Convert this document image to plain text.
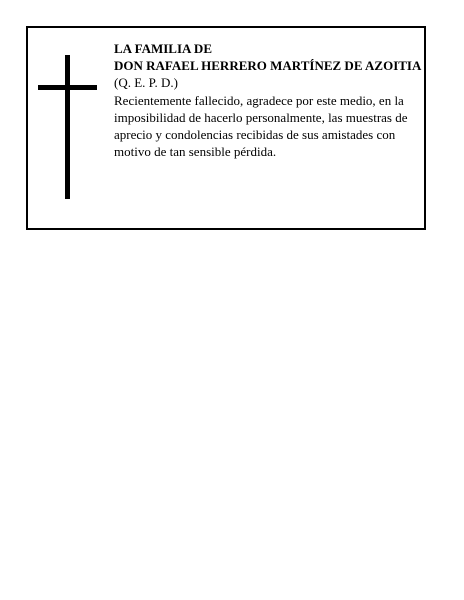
LA FAMILIA DE

DON RAFAEL HERRERO MARTÍNEZ DE AZOITIA

(Q. E. P. D.)

Recientemente fallecido, agradece por este medio, en la imposibilidad de hacerlo personalmente, las muestras de aprecio y condolencias recibidas de sus amistades con motivo de tan sensible pérdida.
